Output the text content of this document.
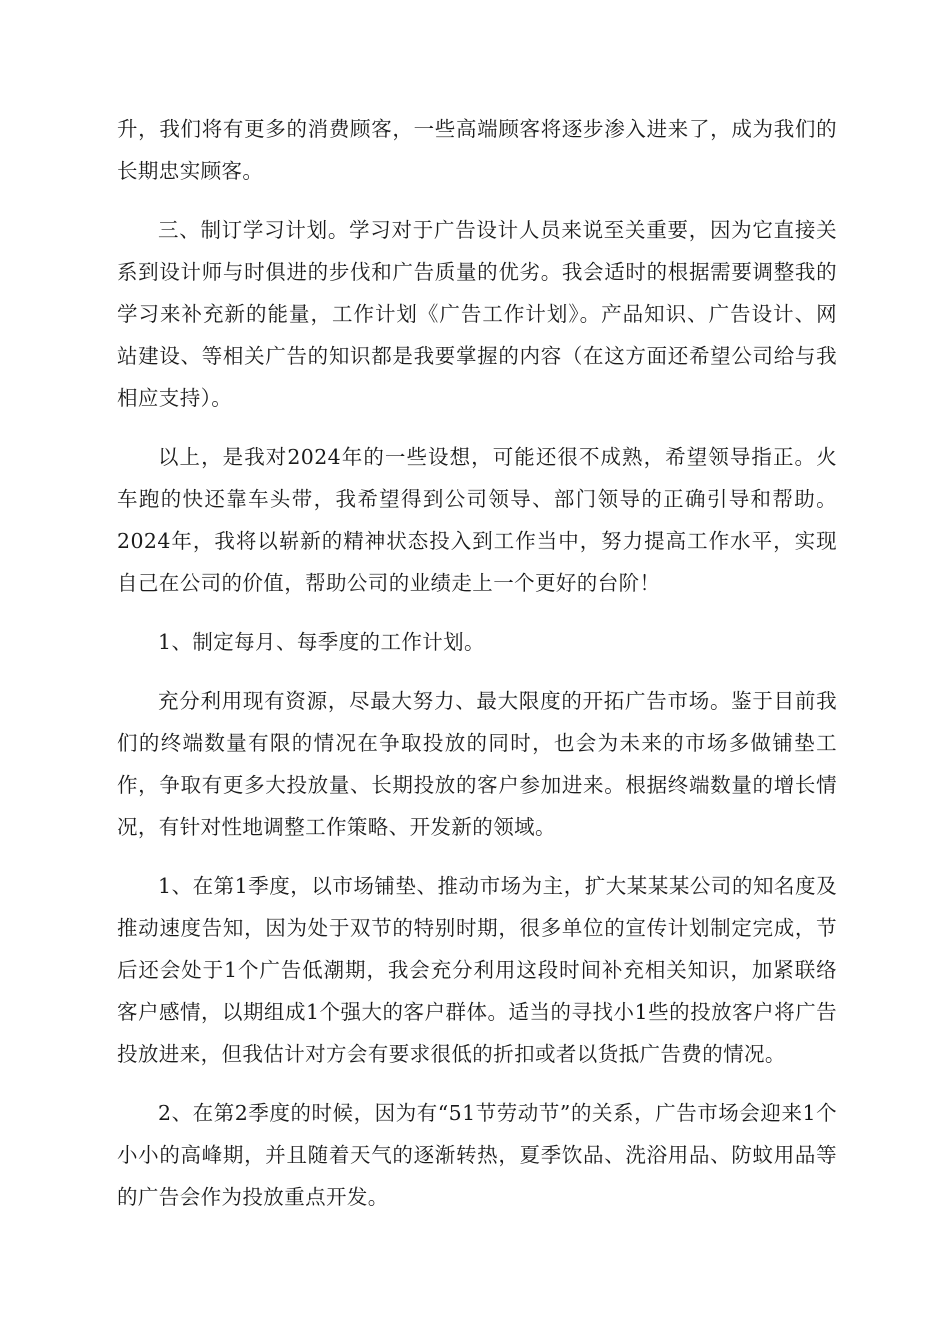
升，我们将有更多的消费顾客，一些高端顾客将逐步渗入进来了，成为我们的长期忠实顾客。

三、制订学习计划。学习对于广告设计人员来说至关重要，因为它直接关系到设计师与时俱进的步伐和广告质量的优劣。我会适时的根据需要调整我的学习来补充新的能量，工作计划《广告工作计划》。产品知识、广告设计、网站建设、等相关广告的知识都是我要掌握的内容（在这方面还希望公司给与我相应支持）。

以上，是我对2024年的一些设想，可能还很不成熟，希望领导指正。火车跑的快还靠车头带，我希望得到公司领导、部门领导的正确引导和帮助。2024年，我将以崭新的精神状态投入到工作当中，努力提高工作水平，实现自己在公司的价值，帮助公司的业绩走上一个更好的台阶！

1、制定每月、每季度的工作计划。

充分利用现有资源，尽最大努力、最大限度的开拓广告市场。鉴于目前我们的终端数量有限的情况在争取投放的同时，也会为未来的市场多做铺垫工作，争取有更多大投放量、长期投放的客户参加进来。根据终端数量的增长情况，有针对性地调整工作策略、开发新的领域。

1、在第1季度，以市场铺垫、推动市场为主，扩大某某某公司的知名度及推动速度告知，因为处于双节的特别时期，很多单位的宣传计划制定完成，节后还会处于1个广告低潮期，我会充分利用这段时间补充相关知识，加紧联络客户感情，以期组成1个强大的客户群体。适当的寻找小1些的投放客户将广告投放进来，但我估计对方会有要求很低的折扣或者以货抵广告费的情况。

2、在第2季度的时候，因为有“51节劳动节”的关系，广告市场会迎来1个小小的高峰期，并且随着天气的逐渐转热，夏季饮品、洗浴用品、防蚊用品等的广告会作为投放重点开发。
